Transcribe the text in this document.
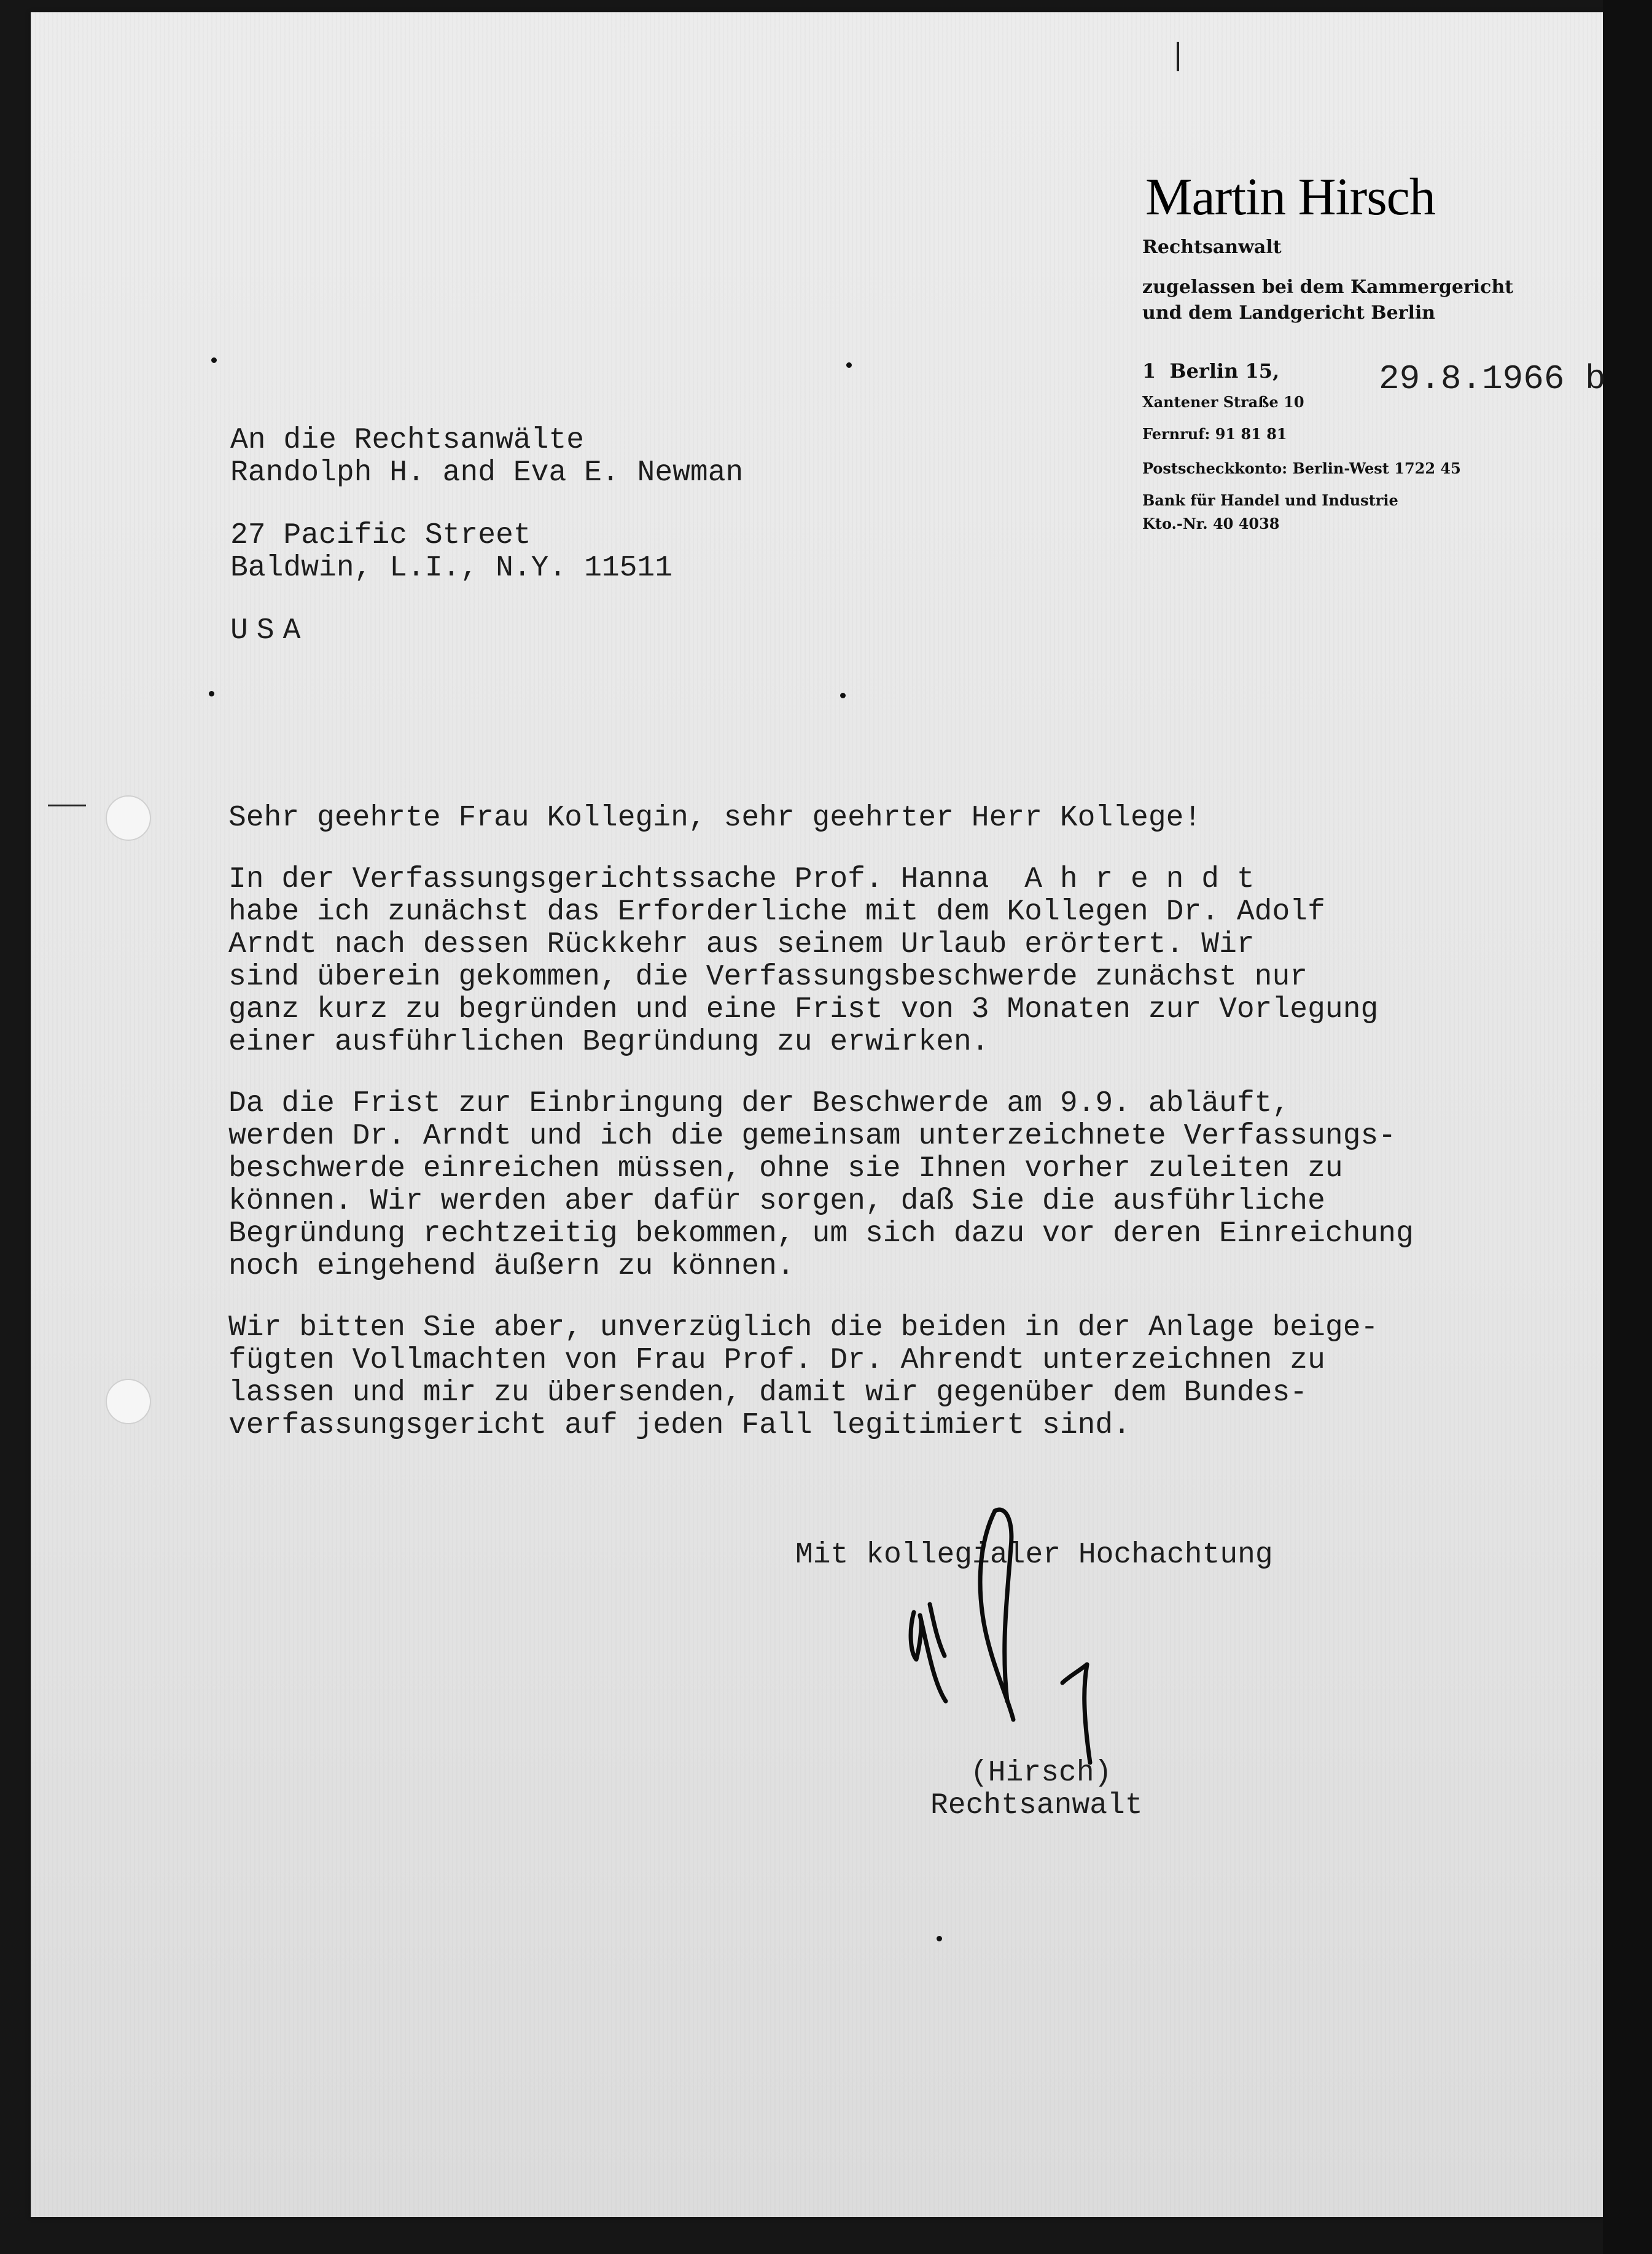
Martin Hirsch
Rechtsanwalt
zugelassen bei dem Kammergericht
und dem Landgericht Berlin
1  Berlin 15,
Xantener Straße 10
Fernruf: 91 81 81
Postscheckkonto: Berlin-West 1722 45
Bank für Handel und Industrie
Kto.-Nr. 40 4038
29.8.1966 b
An die Rechtsanwälte
Randolph H. and Eva E. Newman
27 Pacific Street
Baldwin, L.I., N.Y. 11511
USA
Sehr geehrte Frau Kollegin, sehr geehrter Herr Kollege!
In der Verfassungsgerichtssache Prof. Hanna  A h r e n d t
habe ich zunächst das Erforderliche mit dem Kollegen Dr. Adolf
Arndt nach dessen Rückkehr aus seinem Urlaub erörtert. Wir
sind überein gekommen, die Verfassungsbeschwerde zunächst nur
ganz kurz zu begründen und eine Frist von 3 Monaten zur Vorlegung
einer ausführlichen Begründung zu erwirken.
Da die Frist zur Einbringung der Beschwerde am 9.9. abläuft,
werden Dr. Arndt und ich die gemeinsam unterzeichnete Verfassungs-
beschwerde einreichen müssen, ohne sie Ihnen vorher zuleiten zu
können. Wir werden aber dafür sorgen, daß Sie die ausführliche
Begründung rechtzeitig bekommen, um sich dazu vor deren Einreichung
noch eingehend äußern zu können.
Wir bitten Sie aber, unverzüglich die beiden in der Anlage beige-
fügten Vollmachten von Frau Prof. Dr. Ahrendt unterzeichnen zu
lassen und mir zu übersenden, damit wir gegenüber dem Bundes-
verfassungsgericht auf jeden Fall legitimiert sind.
Mit kollegialer Hochachtung
(Hirsch)
Rechtsanwalt
